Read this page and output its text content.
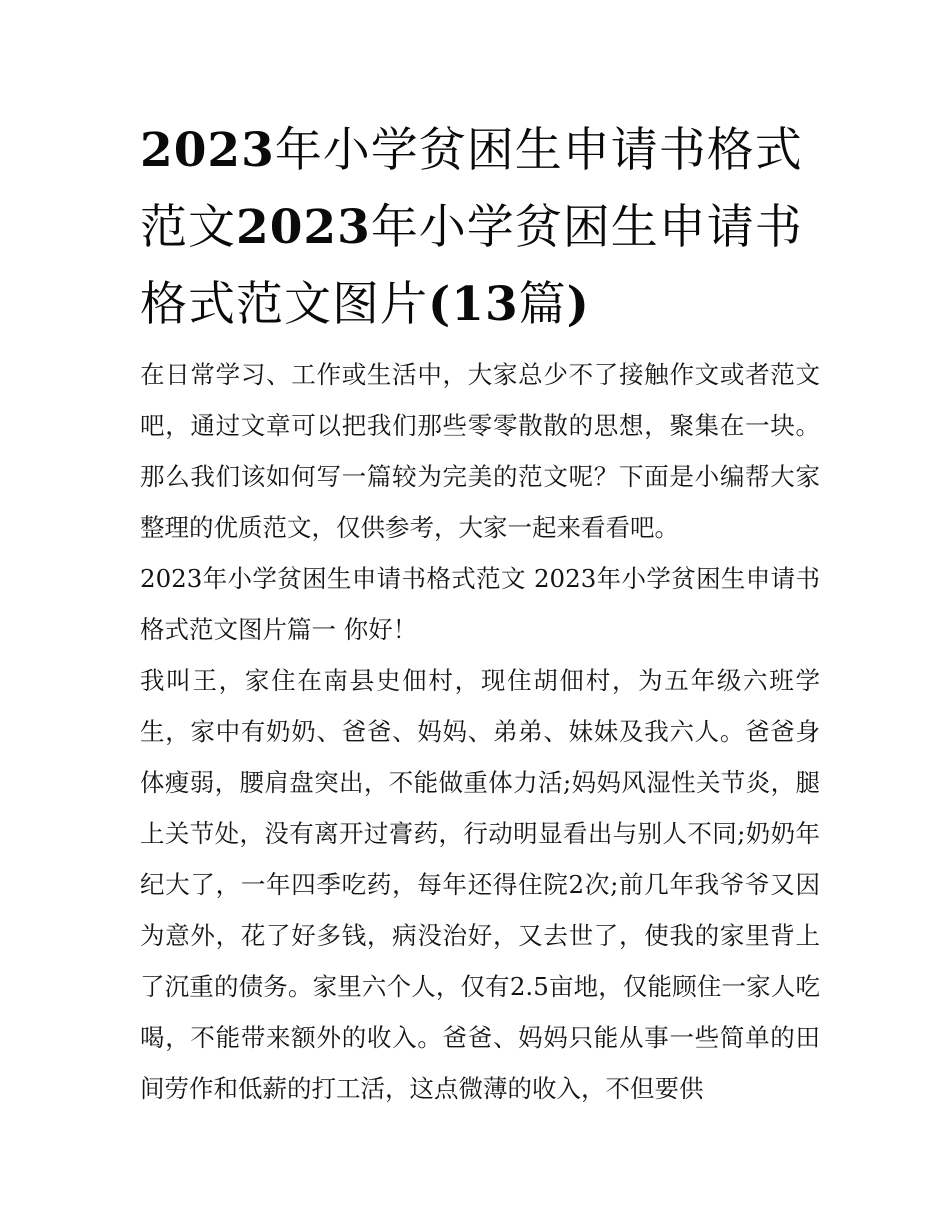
2023年小学贫困生申请书格式范文2023年小学贫困生申请书格式范文图片(13篇)

在日常学习、工作或生活中，大家总少不了接触作文或者范文吧，通过文章可以把我们那些零零散散的思想，聚集在一块。那么我们该如何写一篇较为完美的范文呢？下面是小编帮大家整理的优质范文，仅供参考，大家一起来看看吧。

2023年小学贫困生申请书格式范文 2023年小学贫困生申请书格式范文图片篇一 你好！

我叫王，家住在南县史佃村，现住胡佃村，为五年级六班学生，家中有奶奶、爸爸、妈妈、弟弟、妹妹及我六人。爸爸身体瘦弱，腰肩盘突出，不能做重体力活;妈妈风湿性关节炎，腿上关节处，没有离开过膏药，行动明显看出与别人不同;奶奶年纪大了，一年四季吃药，每年还得住院2次;前几年我爷爷又因为意外，花了好多钱，病没治好，又去世了，使我的家里背上了沉重的债务。家里六个人，仅有2.5亩地，仅能顾住一家人吃喝，不能带来额外的收入。爸爸、妈妈只能从事一些简单的田间劳作和低薪的打工活，这点微薄的收入，不但要供
